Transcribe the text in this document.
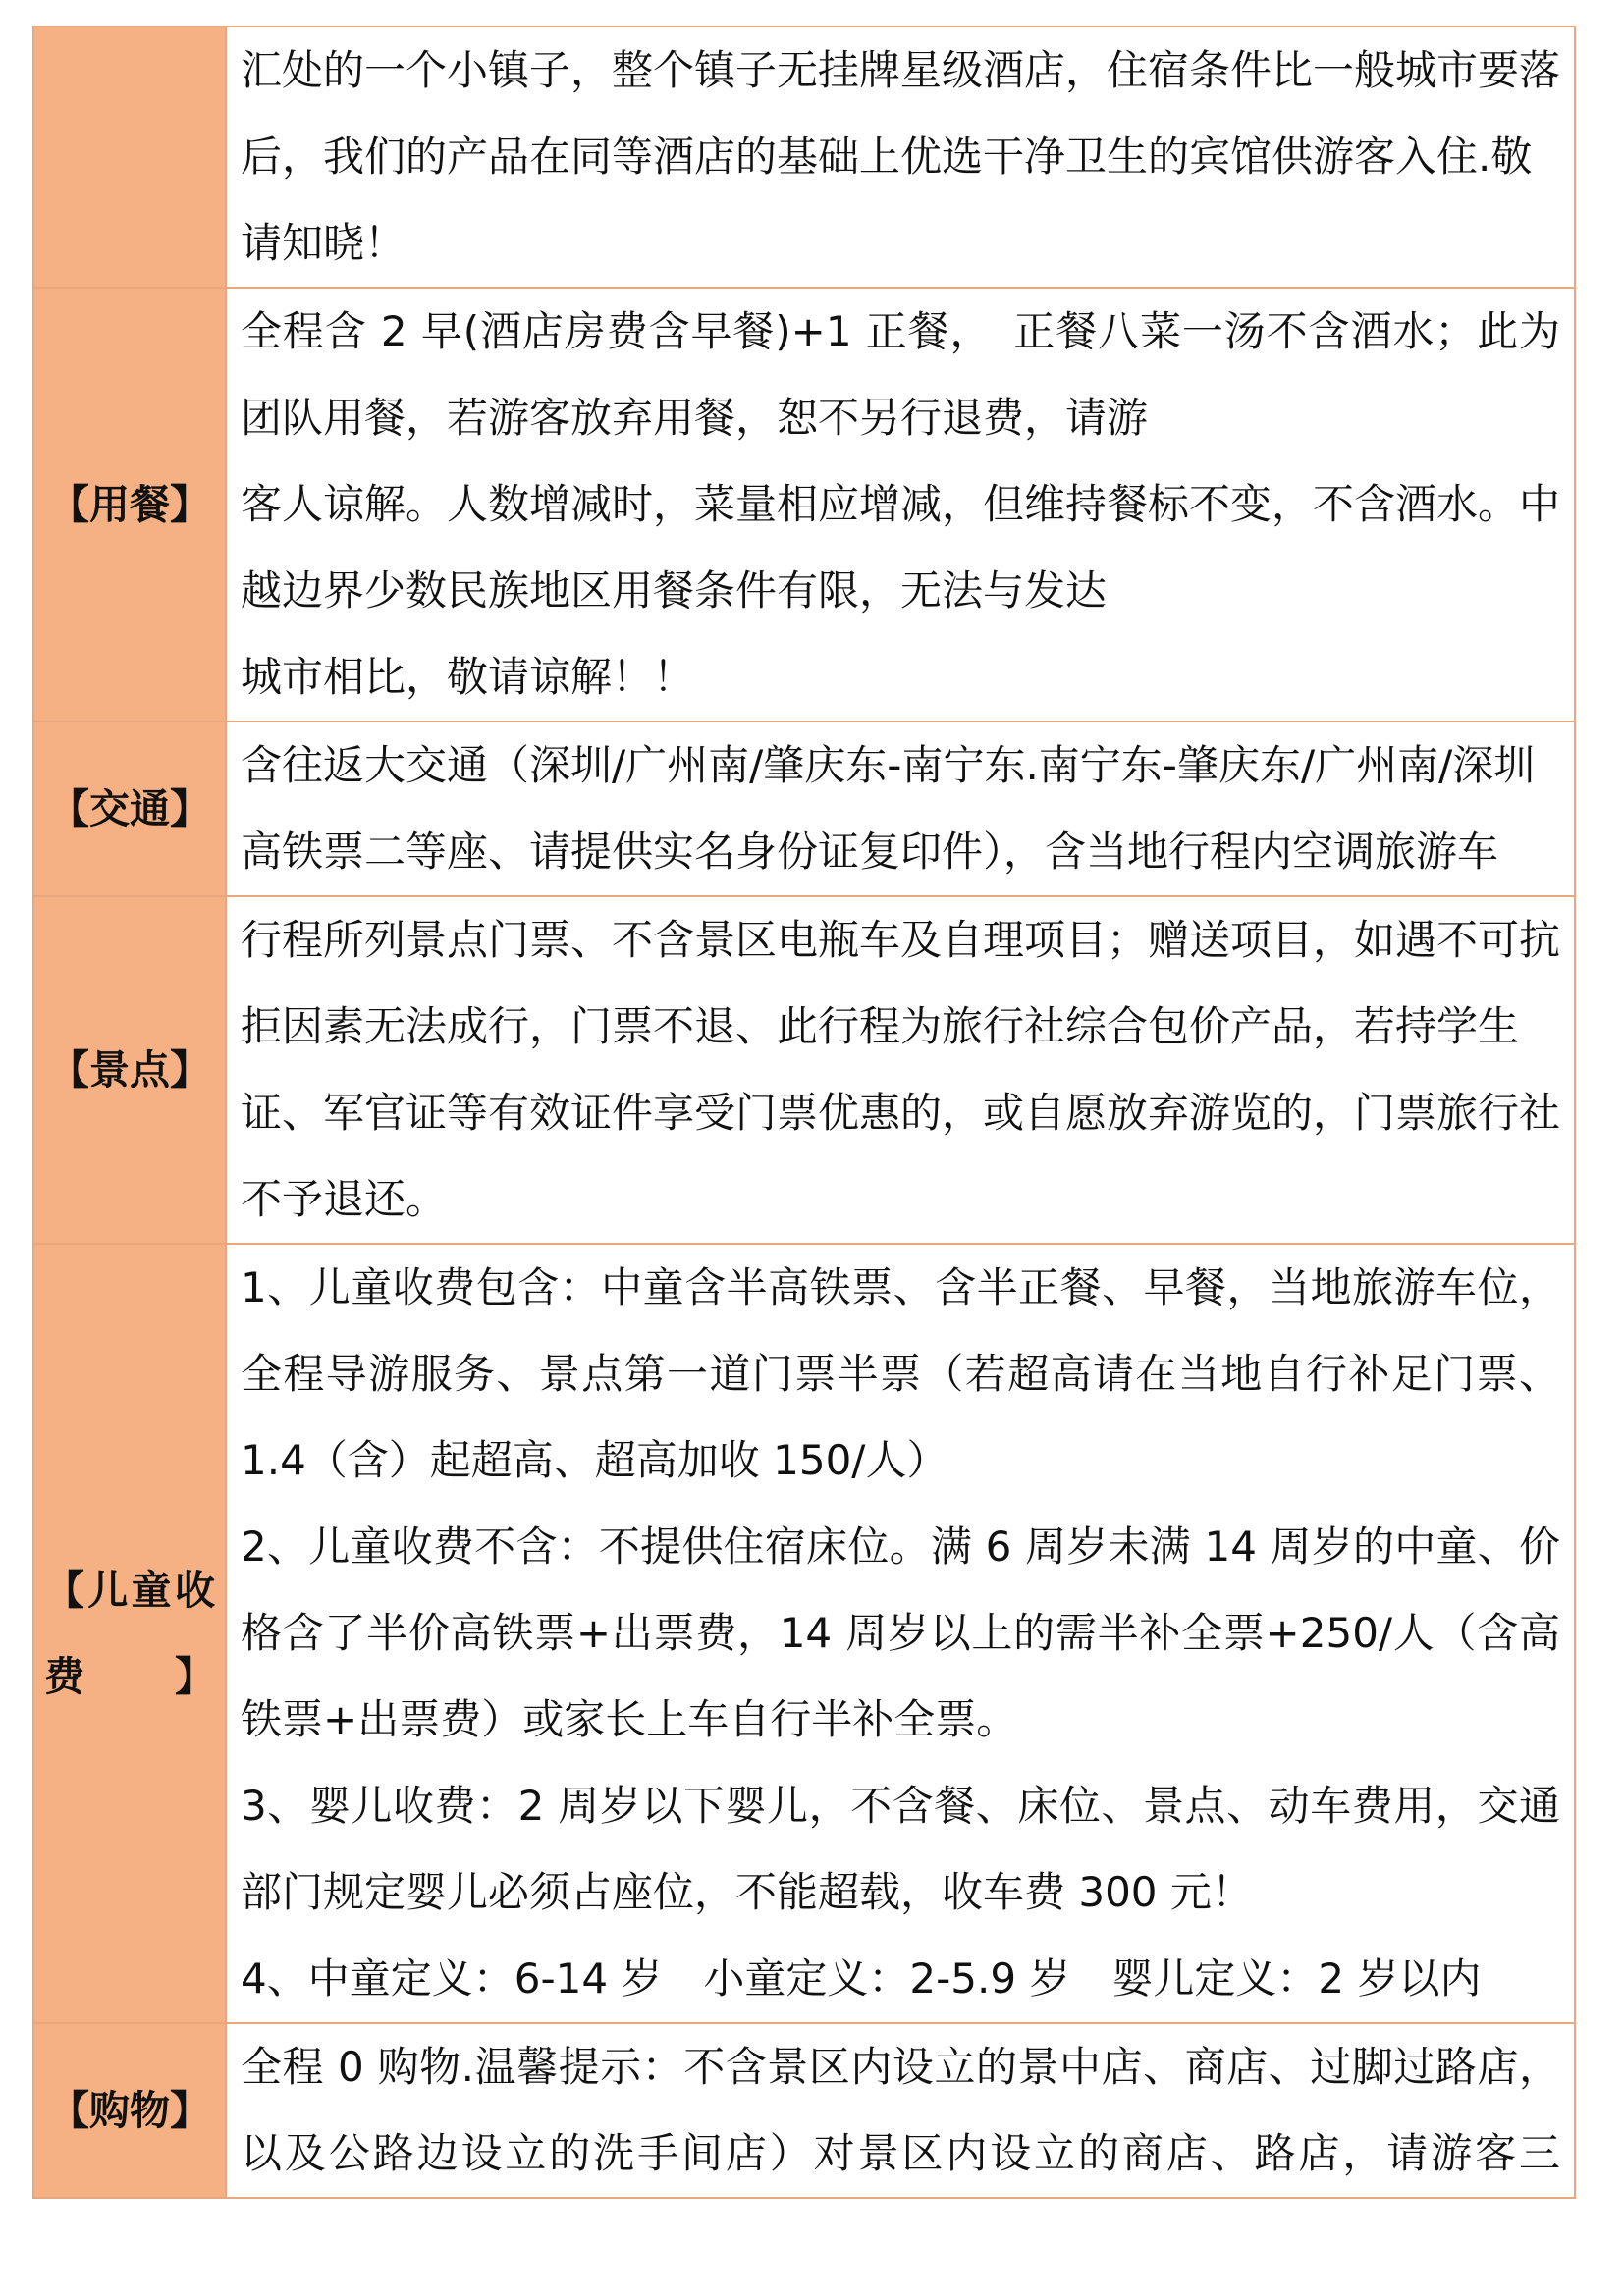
	汇处的一个小镇子，整个镇子无挂牌星级酒店，住宿条件比一般城市要落后，我们的产品在同等酒店的基础上优选干净卫生的宾馆供游客入住.敬请知晓！

【用餐】	全程含 2 早(酒店房费含早餐)+1 正餐，　正餐八菜一汤不含酒水；此为团队用餐，若游客放弃用餐，恕不另行退费，请游
客人谅解。人数增减时，菜量相应增减，但维持餐标不变，不含酒水。中越边界少数民族地区用餐条件有限，无法与发达
城市相比，敬请谅解！！

【交通】	含往返大交通（深圳/广州南/肇庆东-南宁东.南宁东-肇庆东/广州南/深圳高铁票二等座、请提供实名身份证复印件），含当地行程内空调旅游车

【景点】	行程所列景点门票、不含景区电瓶车及自理项目；赠送项目，如遇不可抗拒因素无法成行，门票不退、此行程为旅行社综合包价产品，若持学生证、军官证等有效证件享受门票优惠的，或自愿放弃游览的，门票旅行社不予退还。

【儿童收费】	1、儿童收费包含：中童含半高铁票、含半正餐、早餐，当地旅游车位，全程导游服务、景点第一道门票半票（若超高请在当地自行补足门票、1.4（含）起超高、超高加收 150/人）
2、儿童收费不含：不提供住宿床位。满 6 周岁未满 14 周岁的中童、价格含了半价高铁票+出票费，14 周岁以上的需半补全票+250/人（含高铁票+出票费）或家长上车自行半补全票。
3、婴儿收费：2 周岁以下婴儿，不含餐、床位、景点、动车费用，交通部门规定婴儿必须占座位，不能超载，收车费 300 元！
4、中童定义：6-14 岁　小童定义：2-5.9 岁　婴儿定义：2 岁以内

【购物】	全程 0 购物.温馨提示：不含景区内设立的景中店、商店、过脚过路店，以及公路边设立的洗手间店）对景区内设立的商店、路店，请游客三
